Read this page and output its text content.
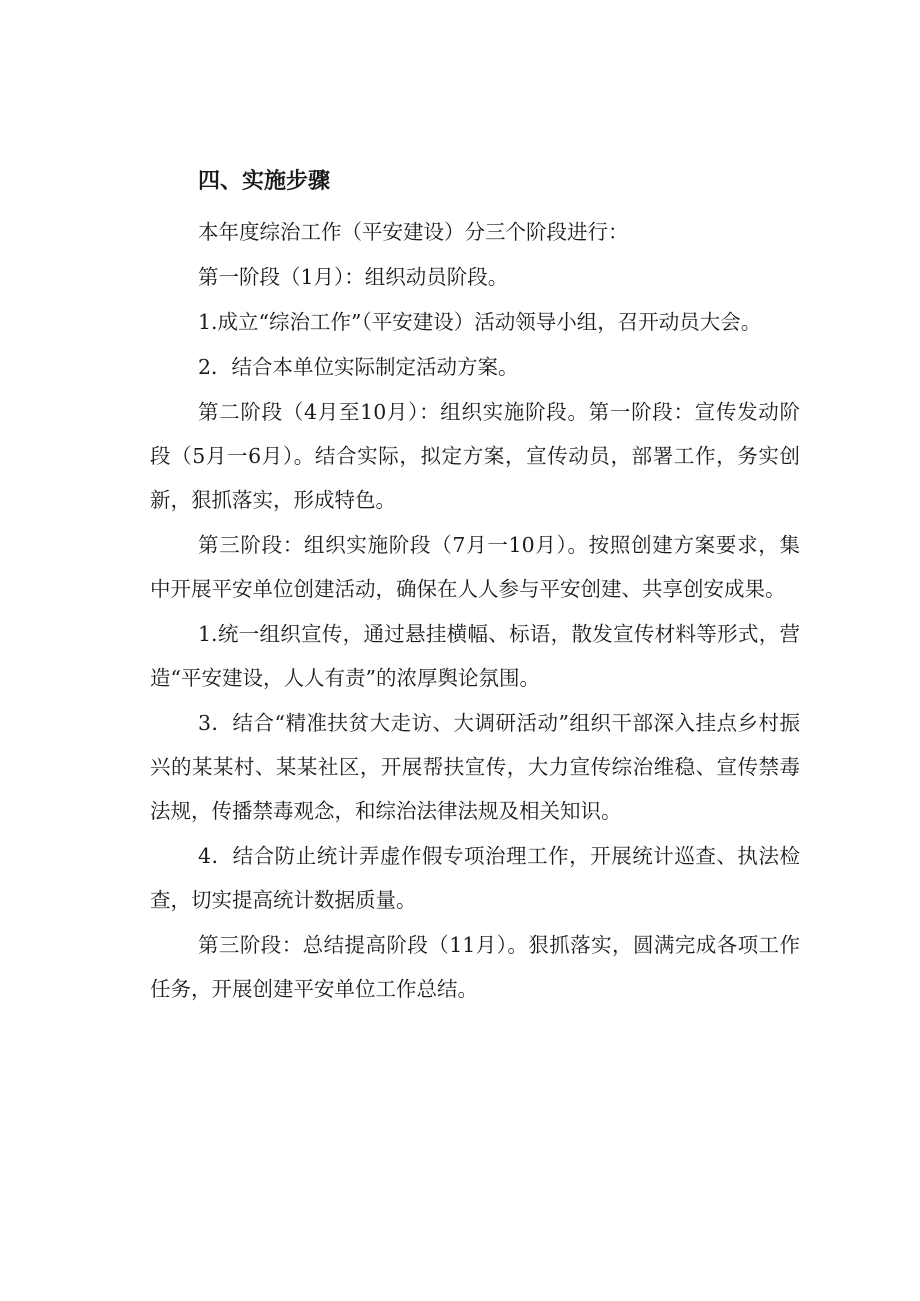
四、实施步骤

本年度综治工作（平安建设）分三个阶段进行：

第一阶段（1月）：组织动员阶段。

1.成立“综治工作”（平安建设）活动领导小组，召开动员大会。

2．结合本单位实际制定活动方案。

第二阶段（4月至10月）：组织实施阶段。第一阶段：宣传发动阶段（5月一6月）。结合实际，拟定方案，宣传动员，部署工作，务实创新，狠抓落实，形成特色。

第三阶段：组织实施阶段（7月一10月）。按照创建方案要求，集中开展平安单位创建活动，确保在人人参与平安创建、共享创安成果。

1.统一组织宣传，通过悬挂横幅、标语，散发宣传材料等形式，营造“平安建设，人人有责”的浓厚舆论氛围。

3．结合“精准扶贫大走访、大调研活动”组织干部深入挂点乡村振兴的某某村、某某社区，开展帮扶宣传，大力宣传综治维稳、宣传禁毒法规，传播禁毒观念，和综治法律法规及相关知识。

4．结合防止统计弄虚作假专项治理工作，开展统计巡查、执法检查，切实提高统计数据质量。

第三阶段：总结提高阶段（11月）。狠抓落实，圆满完成各项工作任务，开展创建平安单位工作总结。
